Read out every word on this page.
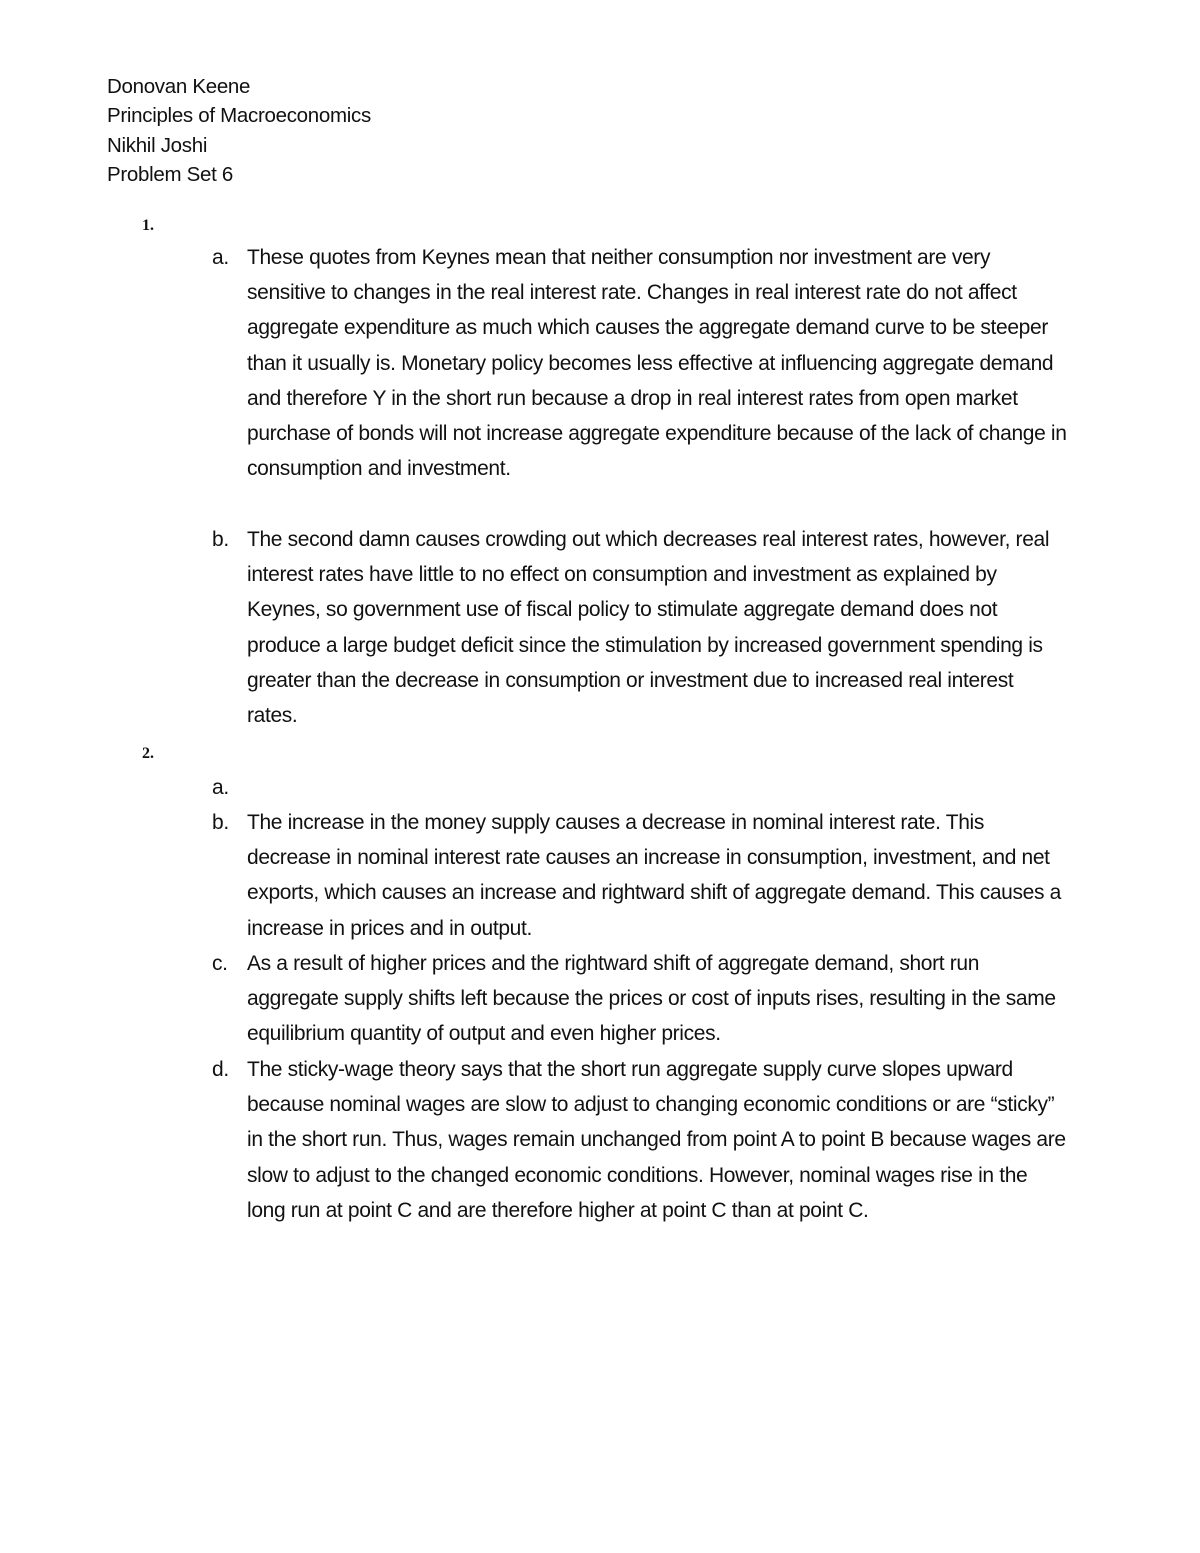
Donovan Keene
Principles of Macroeconomics
Nikhil Joshi
Problem Set 6
1.
a. These quotes from Keynes mean that neither consumption nor investment are very sensitive to changes in the real interest rate. Changes in real interest rate do not affect aggregate expenditure as much which causes the aggregate demand curve to be steeper than it usually is. Monetary policy becomes less effective at influencing aggregate demand and therefore Y in the short run because a drop in real interest rates from open market purchase of bonds will not increase aggregate expenditure because of the lack of change in consumption and investment.
b. The second damn causes crowding out which decreases real interest rates, however, real interest rates have little to no effect on consumption and investment as explained by Keynes, so government use of fiscal policy to stimulate aggregate demand does not produce a large budget deficit since the stimulation by increased government spending is greater than the decrease in consumption or investment due to increased real interest rates.
2.
a.
b. The increase in the money supply causes a decrease in nominal interest rate. This decrease in nominal interest rate causes an increase in consumption, investment, and net exports, which causes an increase and rightward shift of aggregate demand. This causes a increase in prices and in output.
c. As a result of higher prices and the rightward shift of aggregate demand, short run aggregate supply shifts left because the prices or cost of inputs rises, resulting in the same equilibrium quantity of output and even higher prices.
d. The sticky-wage theory says that the short run aggregate supply curve slopes upward because nominal wages are slow to adjust to changing economic conditions or are “sticky” in the short run. Thus, wages remain unchanged from point A to point B because wages are slow to adjust to the changed economic conditions. However, nominal wages rise in the long run at point C and are therefore higher at point C than at point C.
